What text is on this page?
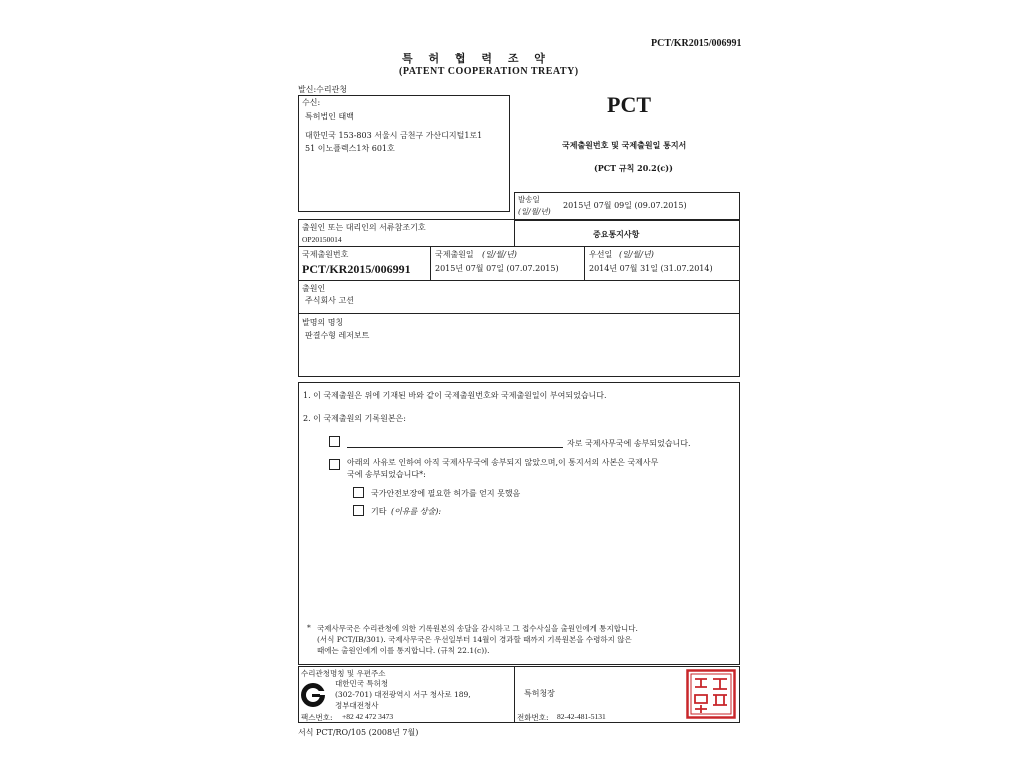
PCT/KR2015/006991
특 허 협 력 조 약
(PATENT COOPERATION TREATY)
발신:수리관청
수신:
특허법인 태백
대한민국 153-803 서울시 금천구 가산디지털1로1
51 이노플렉스1차 601호
PCT
국제출원번호 및 국제출원일 통지서
(PCT 규칙 20.2(c))
발송일
(일/월/년)
2015년 07월 09일 (09.07.2015)
출원인 또는 대리인의 서류참조기호
OP20150014
중요통지사항
국제출원번호
PCT/KR2015/006991
국제출원일 (일/월/년)
2015년 07월 07일 (07.07.2015)
우선일 (일/월/년)
2014년 07월 31일 (31.07.2014)
출원인
주식회사 고션
발명의 명칭
판결수형 레저보트
1. 이 국제출원은 위에 기재된 바와 같이 국제출원번호와 국제출원일이 부여되었습니다.
2. 이 국제출원의 기록원본은:
자로 국제사무국에 송부되었습니다.
아래의 사유로 인하여 아직 국제사무국에 송부되지 않았으며,이 통지서의 사본은 국제사무
국에 송부되었습니다*:
국가안전보장에 필요한 허가를 얻지 못했음
기타 (이유를 상술):
* 국제사무국은 수리관청에 의한 기록원본의 송달을 감시하고 그 접수사실을 출원인에게 통지합니다.
(서식 PCT/IB/301). 국제사무국은 우선일부터 14월이 경과할 때까지 기록원본을 수령하지 않은
때에는 출원인에게 이를 통지합니다. (규칙 22.1(c)).
수리관청명칭 및 우편주소
대한민국 특허청
(302-701) 대전광역시 서구 청사로 189,
정부대전청사
팩스번호: +82 42 472 3473
특허청장
전화번호: 82-42-481-5131
서식 PCT/RO/105 (2008년 7월)
